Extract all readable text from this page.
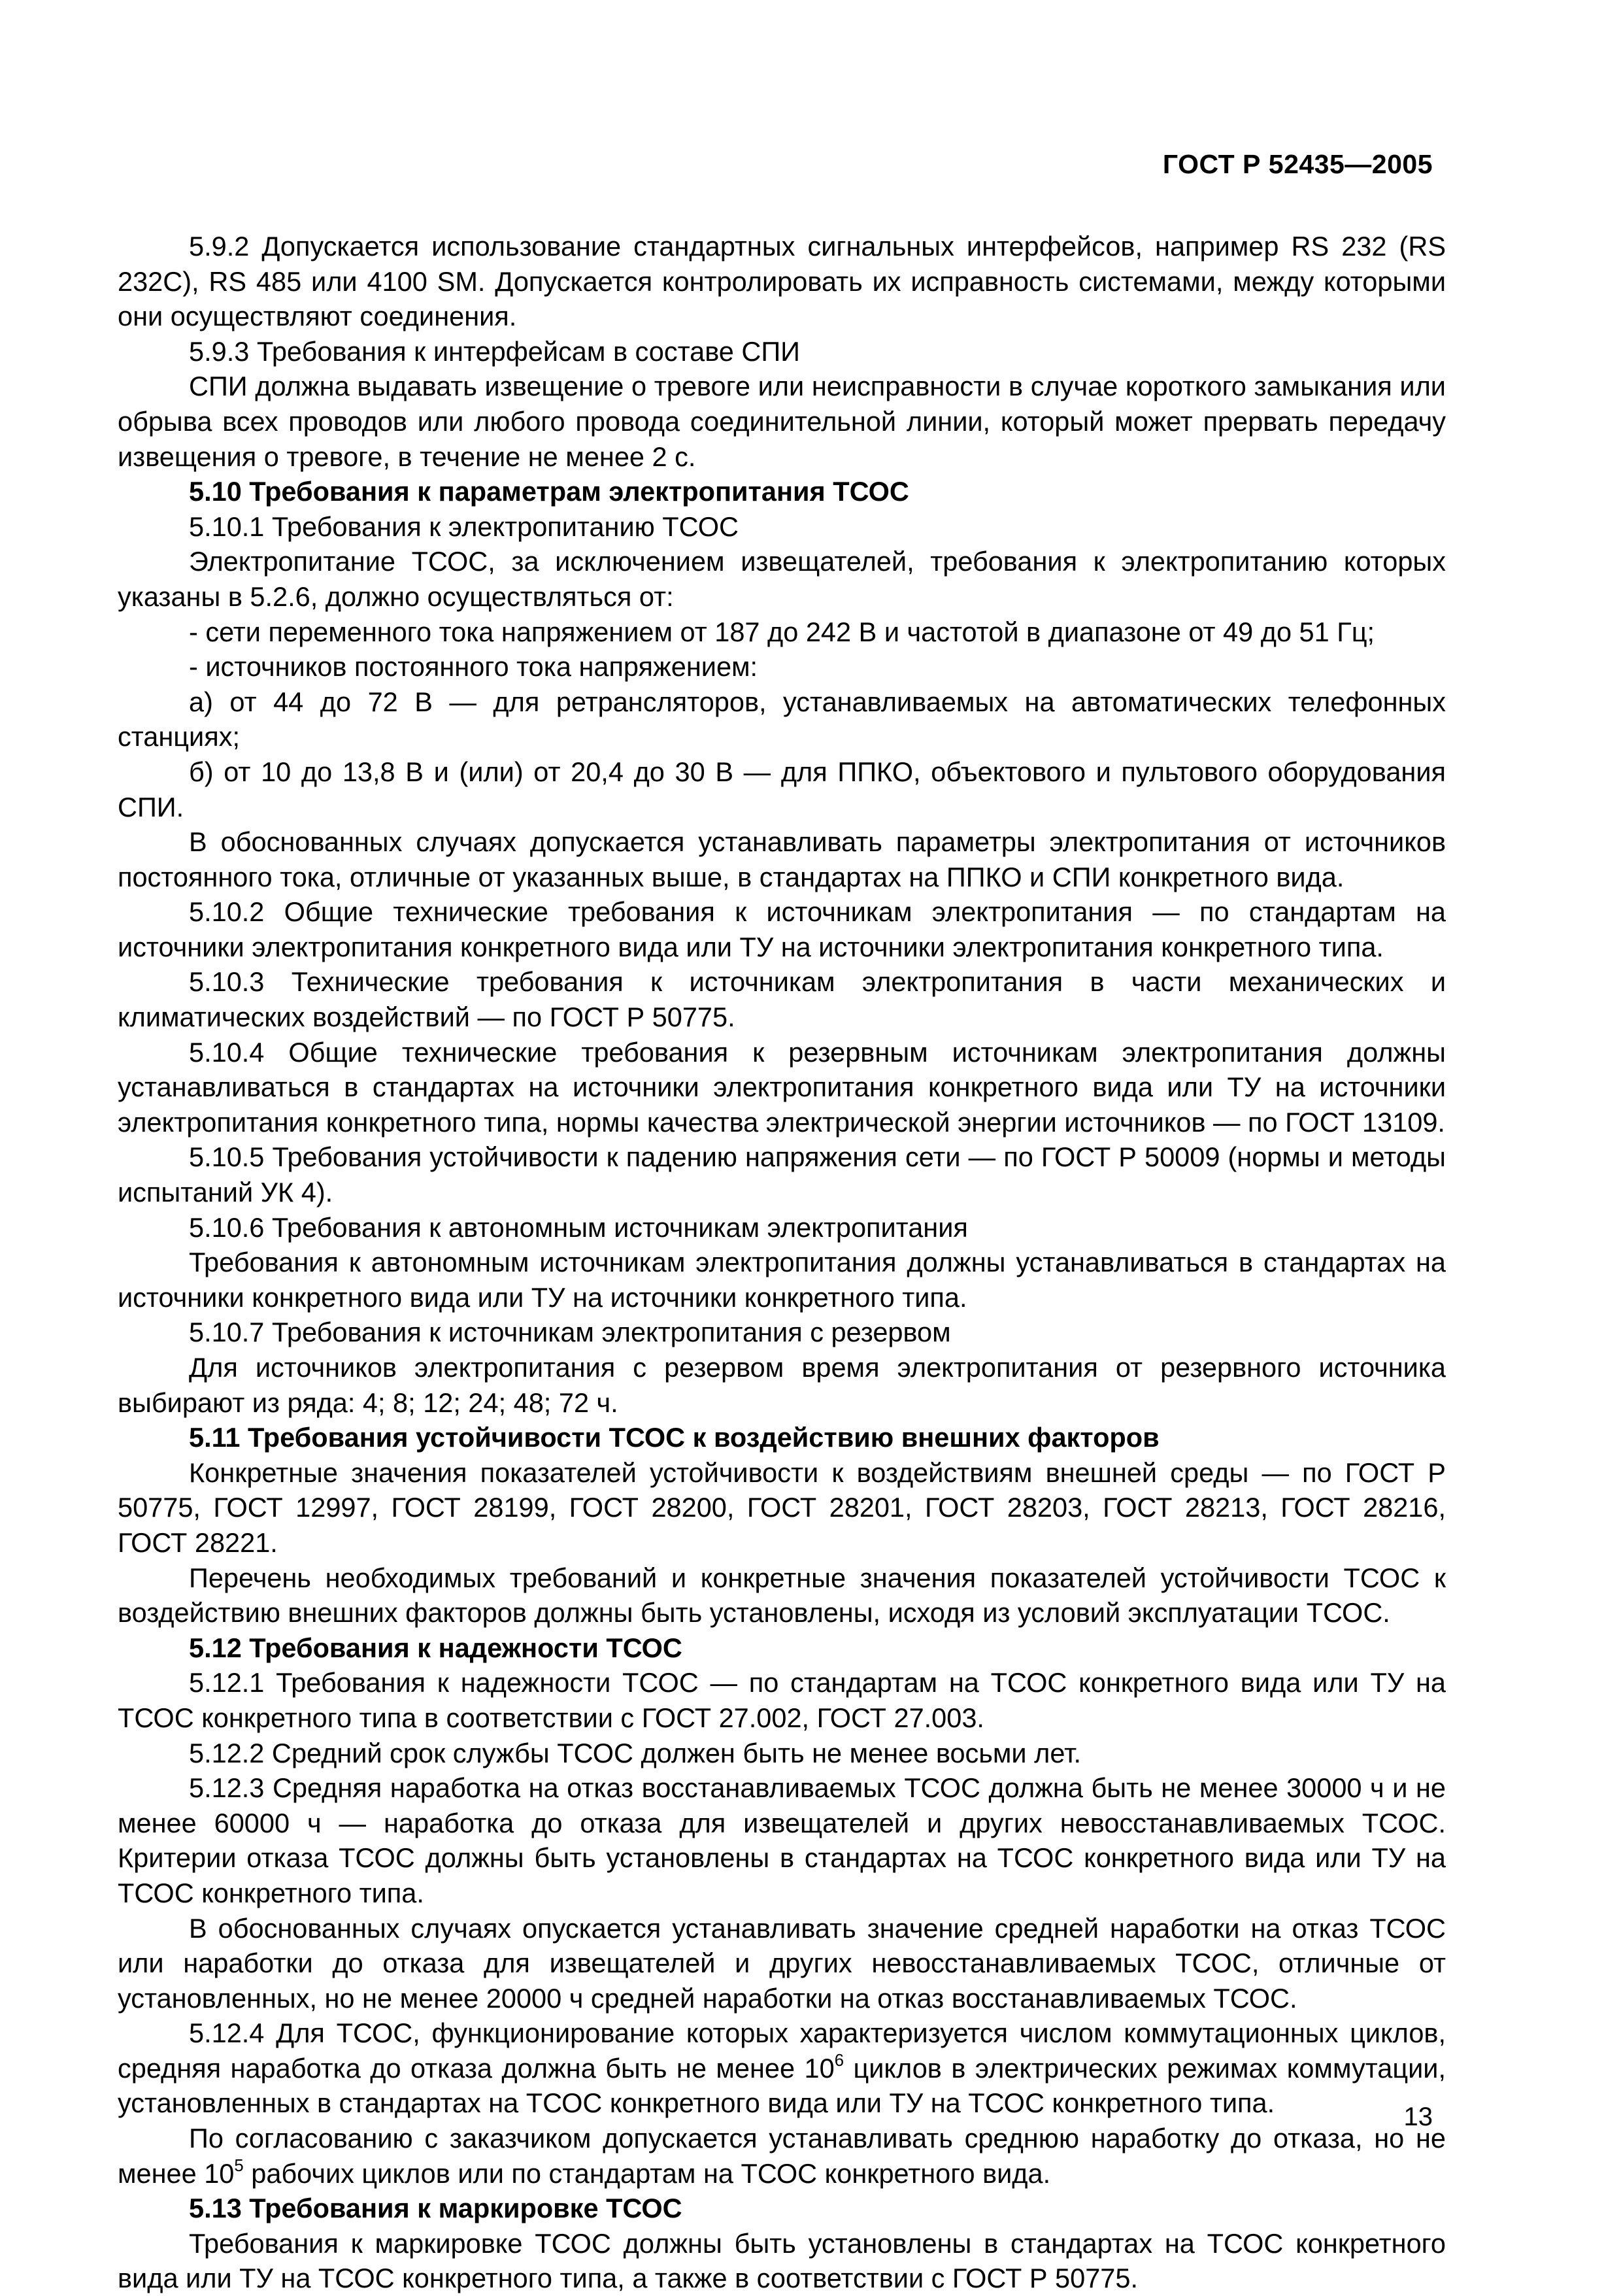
ГОСТ Р 52435—2005

5.9.2 Допускается использование стандартных сигнальных интерфейсов, например RS 232 (RS 232С), RS 485 или 4100 SM. Допускается контролировать их исправность системами, между которыми они осуществляют соединения.

5.9.3 Требования к интерфейсам в составе СПИ

СПИ должна выдавать извещение о тревоге или неисправности в случае короткого замыкания или обрыва всех проводов или любого провода соединительной линии, который может прервать передачу извещения о тревоге, в течение не менее 2 с.

5.10 Требования к параметрам электропитания ТСОС

5.10.1 Требования к электропитанию ТСОС

Электропитание ТСОС, за исключением извещателей, требования к электропитанию которых указаны в 5.2.6, должно осуществляться от:

- сети переменного тока напряжением от 187 до 242 В и частотой в диапазоне от 49 до 51 Гц;

- источников постоянного тока напряжением:

а) от 44 до 72 В — для ретрансляторов, устанавливаемых на автоматических телефонных станциях;

б) от 10 до 13,8 В и (или) от 20,4 до 30 В — для ППКО, объектового и пультового оборудования СПИ.

В обоснованных случаях допускается устанавливать параметры электропитания от источников постоянного тока, отличные от указанных выше, в стандартах на ППКО и СПИ конкретного вида.

5.10.2 Общие технические требования к источникам электропитания — по стандартам на источники электропитания конкретного вида или ТУ на источники электропитания конкретного типа.

5.10.3 Технические требования к источникам электропитания в части механических и климатических воздействий — по ГОСТ Р 50775.

5.10.4 Общие технические требования к резервным источникам электропитания должны устанавливаться в стандартах на источники электропитания конкретного вида или ТУ на источники электропитания конкретного типа, нормы качества электрической энергии источников — по ГОСТ 13109.

5.10.5 Требования устойчивости к падению напряжения сети — по ГОСТ Р 50009 (нормы и методы испытаний УК 4).

5.10.6 Требования к автономным источникам электропитания

Требования к автономным источникам электропитания должны устанавливаться в стандартах на источники конкретного вида или ТУ на источники конкретного типа.

5.10.7 Требования к источникам электропитания с резервом

Для источников электропитания с резервом время электропитания от резервного источника выбирают из ряда: 4; 8; 12; 24; 48; 72 ч.

5.11 Требования устойчивости ТСОС к воздействию внешних факторов

Конкретные значения показателей устойчивости к воздействиям внешней среды — по ГОСТ Р 50775, ГОСТ 12997, ГОСТ 28199, ГОСТ 28200, ГОСТ 28201, ГОСТ 28203, ГОСТ 28213, ГОСТ 28216, ГОСТ 28221.

Перечень необходимых требований и конкретные значения показателей устойчивости ТСОС к воздействию внешних факторов должны быть установлены, исходя из условий эксплуатации ТСОС.

5.12 Требования к надежности ТСОС

5.12.1 Требования к надежности ТСОС — по стандартам на ТСОС конкретного вида или ТУ на ТСОС конкретного типа в соответствии с ГОСТ 27.002, ГОСТ 27.003.

5.12.2 Средний срок службы ТСОС должен быть не менее восьми лет.

5.12.3 Средняя наработка на отказ восстанавливаемых ТСОС должна быть не менее 30000 ч и не менее 60000 ч — наработка до отказа для извещателей и других невосстанавливаемых ТСОС. Критерии отказа ТСОС должны быть установлены в стандартах на ТСОС конкретного вида или ТУ на ТСОС конкретного типа.

В обоснованных случаях опускается устанавливать значение средней наработки на отказ ТСОС или наработки до отказа для извещателей и других невосстанавливаемых ТСОС, отличные от установленных, но не менее 20000 ч средней наработки на отказ восстанавливаемых ТСОС.

5.12.4 Для ТСОС, функционирование которых характеризуется числом коммутационных циклов, средняя наработка до отказа должна быть не менее $10^6$ циклов в электрических режимах коммутации, установленных в стандартах на ТСОС конкретного вида или ТУ на ТСОС конкретного типа.

По согласованию с заказчиком допускается устанавливать среднюю наработку до отказа, но не менее $10^5$ рабочих циклов или по стандартам на ТСОС конкретного вида.

5.13 Требования к маркировке ТСОС

Требования к маркировке ТСОС должны быть установлены в стандартах на ТСОС конкретного вида или ТУ на ТСОС конкретного типа, а также в соответствии с ГОСТ Р 50775.

13
